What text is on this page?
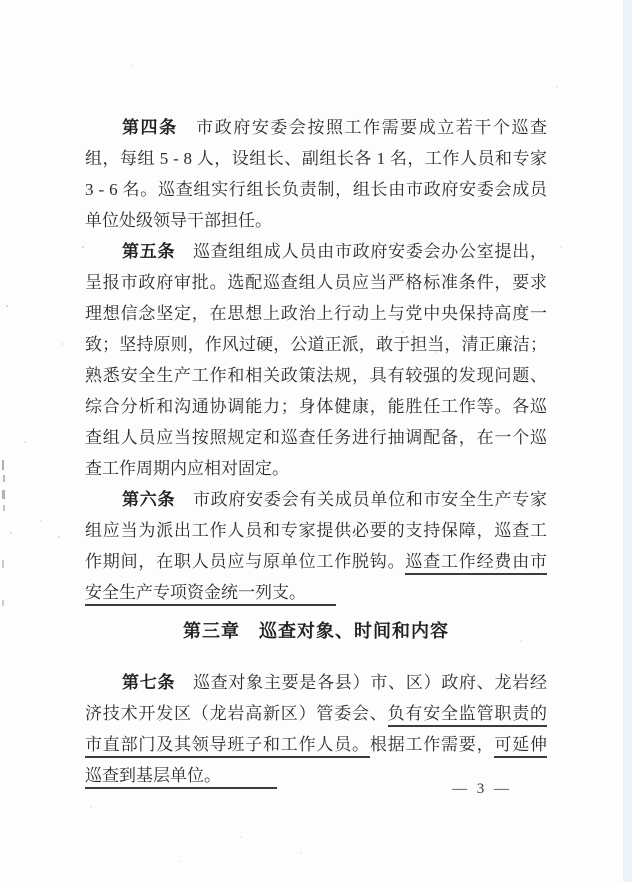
第四条　市政府安委会按照工作需要成立若干个巡查
组，每组 5 - 8 人，设组长、副组长各 1 名，工作人员和专家
3 - 6 名。巡查组实行组长负责制，组长由市政府安委会成员
单位处级领导干部担任。
第五条　巡查组组成人员由市政府安委会办公室提出，
呈报市政府审批。选配巡查组人员应当严格标准条件，要求
理想信念坚定，在思想上政治上行动上与党中央保持高度一
致；坚持原则，作风过硬，公道正派，敢于担当，清正廉洁；
熟悉安全生产工作和相关政策法规，具有较强的发现问题、
综合分析和沟通协调能力；身体健康，能胜任工作等。各巡
查组人员应当按照规定和巡查任务进行抽调配备，在一个巡
查工作周期内应相对固定。
第六条　市政府安委会有关成员单位和市安全生产专家
组应当为派出工作人员和专家提供必要的支持保障，巡查工
作期间，在职人员应与原单位工作脱钩。巡查工作经费由市
安全生产专项资金统一列支。
第三章　巡查对象、时间和内容
第七条　巡查对象主要是各县）市、区）政府、龙岩经
济技术开发区（龙岩高新区）管委会、负有安全监管职责的
市直部门及其领导班子和工作人员。根据工作需要，可延伸
巡查到基层单位。
— 3 —
